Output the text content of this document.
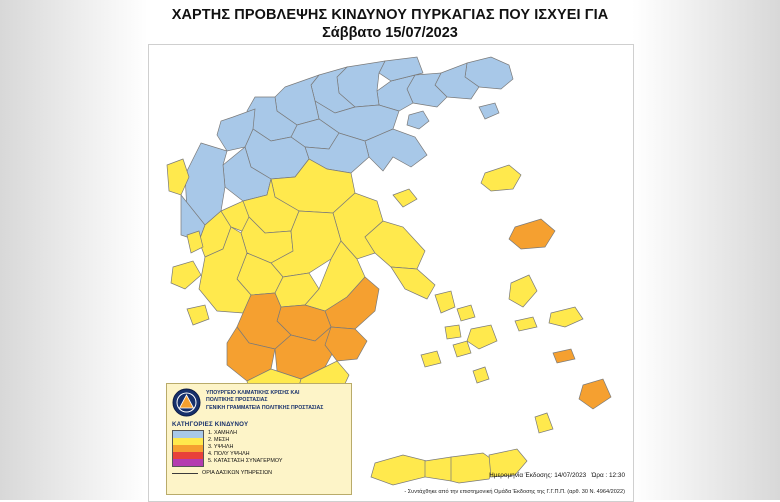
ΧΑΡΤΗΣ ΠΡΟΒΛΕΨΗΣ ΚΙΝΔΥΝΟΥ ΠΥΡΚΑΓΙΑΣ ΠΟΥ ΙΣΧΥΕΙ ΓΙΑ
Σάββατο 15/07/2023
ΥΠΟΥΡΓΕΙΟ ΚΛΙΜΑΤΙΚΗΣ ΚΡΙΣΗΣ ΚΑΙ
ΠΟΛΙΤΙΚΗΣ ΠΡΟΣΤΑΣΙΑΣ
ΓΕΝΙΚΗ ΓΡΑΜΜΑΤΕΙΑ ΠΟΛΙΤΙΚΗΣ ΠΡΟΣΤΑΣΙΑΣ
ΚΑΤΗΓΟΡΙΕΣ ΚΙΝΔΥΝΟΥ
1. ΧΑΜΗΛΗ
2. ΜΕΣΗ
3. ΥΨΗΛΗ
4. ΠΟΛΥ ΥΨΗΛΗ
5. ΚΑΤΑΣΤΑΣΗ ΣΥΝΑΓΕΡΜΟΥ
ΟΡΙΑ ΔΑΣΙΚΩΝ ΥΠΗΡΕΣΙΩΝ	Ημερομηνία Έκδοσης: 14/07/2023 Ώρα : 12:30
- Συντάχθηκε από την επιστημονική Ομάδα Έκδοσης της Γ.Γ.Π.Π. (αρθ. 30 Ν. 4964/2022)
